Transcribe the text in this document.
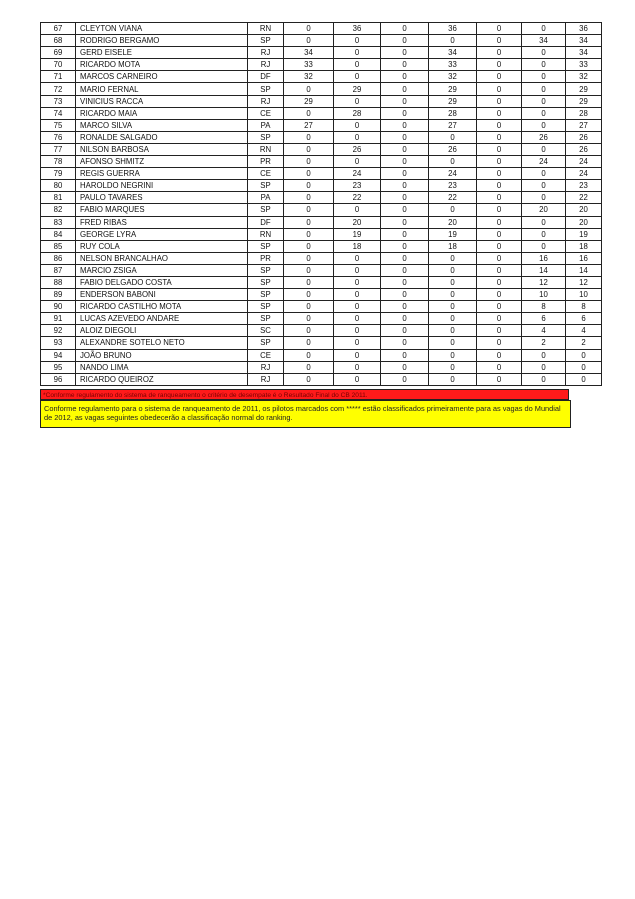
67	CLEYTON VIANA	RN	0	36	0	36	0	0	36
68	RODRIGO BERGAMO	SP	0	0	0	0	0	34	34
69	GERD EISELE	RJ	34	0	0	34	0	0	34
70	RICARDO MOTA	RJ	33	0	0	33	0	0	33
71	MARCOS CARNEIRO	DF	32	0	0	32	0	0	32
72	MARIO FERNAL	SP	0	29	0	29	0	0	29
73	VINICIUS RACCA	RJ	29	0	0	29	0	0	29
74	RICARDO MAIA	CE	0	28	0	28	0	0	28
75	MARCO SILVA	PA	27	0	0	27	0	0	27
76	RONALDE SALGADO	SP	0	0	0	0	0	26	26
77	NILSON BARBOSA	RN	0	26	0	26	0	0	26
78	AFONSO SHMITZ	PR	0	0	0	0	0	24	24
79	REGIS GUERRA	CE	0	24	0	24	0	0	24
80	HAROLDO NEGRINI	SP	0	23	0	23	0	0	23
81	PAULO TAVARES	PA	0	22	0	22	0	0	22
82	FABIO MARQUES	SP	0	0	0	0	0	20	20
83	FRED RIBAS	DF	0	20	0	20	0	0	20
84	GEORGE LYRA	RN	0	19	0	19	0	0	19
85	RUY COLA	SP	0	18	0	18	0	0	18
86	NELSON BRANCALHAO	PR	0	0	0	0	0	16	16
87	MARCIO ZSIGA	SP	0	0	0	0	0	14	14
88	FABIO DELGADO COSTA	SP	0	0	0	0	0	12	12
89	ENDERSON BABONI	SP	0	0	0	0	0	10	10
90	RICARDO CASTILHO MOTA	SP	0	0	0	0	0	8	8
91	LUCAS AZEVEDO ANDARE	SP	0	0	0	0	0	6	6
92	ALOIZ DIEGOLI	SC	0	0	0	0	0	4	4
93	ALEXANDRE SOTELO NETO	SP	0	0	0	0	0	2	2
94	JOÃO BRUNO	CE	0	0	0	0	0	0	0
95	NANDO LIMA	RJ	0	0	0	0	0	0	0
96	RICARDO QUEIROZ	RJ	0	0	0	0	0	0	0
*Conforme regulamento do sistema de ranqueamento o critério de desempate é o Resultado Final do CB 2011.
Conforme regulamento para o sistema de ranqueamento de 2011, os pilotos marcados com ***** estão classificados primeiramente para as vagas do Mundial de 2012, as vagas seguintes obedecerão a classificação normal do ranking.
